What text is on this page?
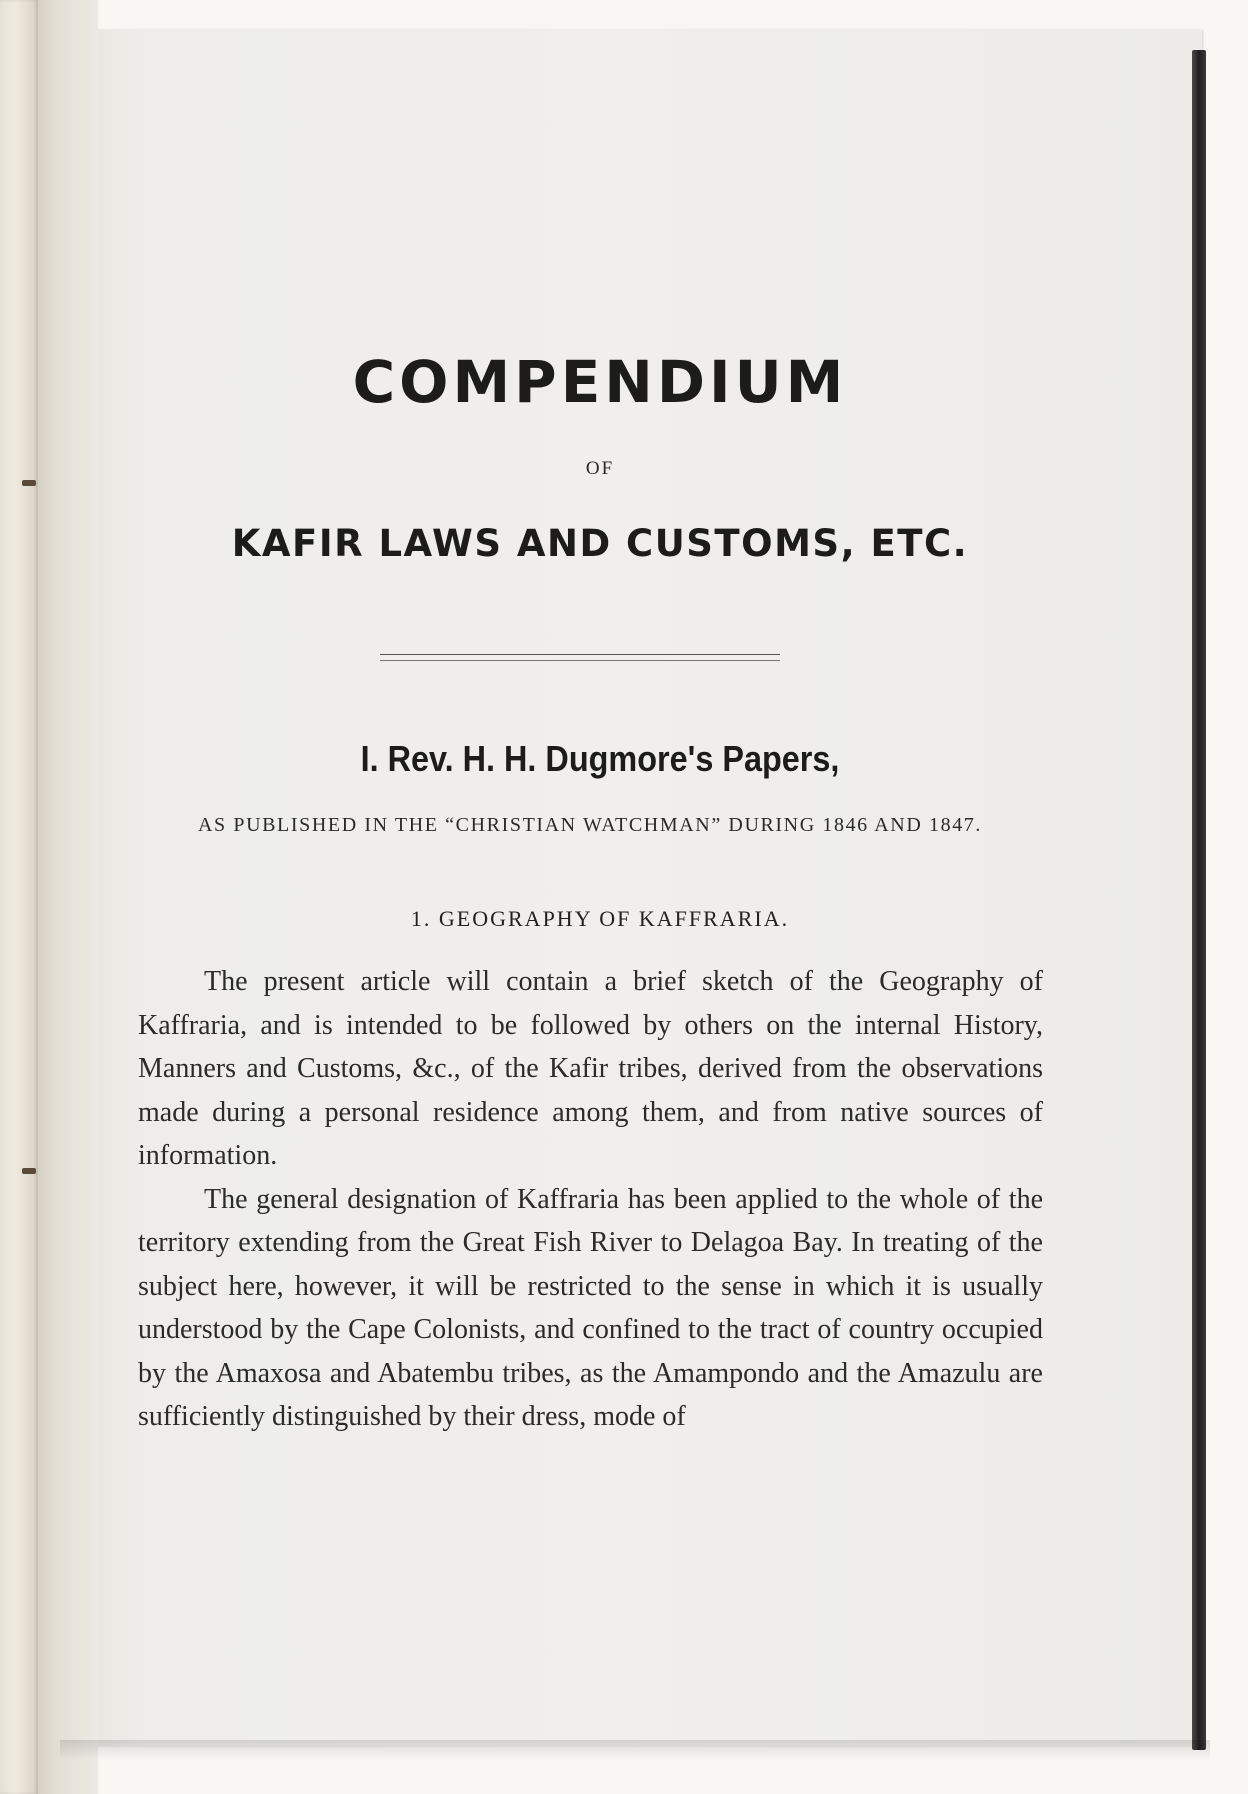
COMPENDIUM
OF
KAFIR LAWS AND CUSTOMS, ETC.
I. Rev. H. H. Dugmore's Papers,
AS PUBLISHED IN THE “CHRISTIAN WATCHMAN” DURING 1846 AND 1847.
1. GEOGRAPHY OF KAFFRARIA.

The present article will contain a brief sketch of the Geography of Kaffraria, and is intended to be followed by others on the internal History, Manners and Customs, &c., of the Kafir tribes, derived from the observations made during a personal residence among them, and from native sources of information.

The general designation of Kaffraria has been applied to the whole of the territory extending from the Great Fish River to Delagoa Bay. In treating of the subject here, however, it will be restricted to the sense in which it is usually understood by the Cape Colonists, and confined to the tract of country occupied by the Amaxosa and Abatembu tribes, as the Amampondo and the Amazulu are sufficiently distinguished by their dress, mode of
